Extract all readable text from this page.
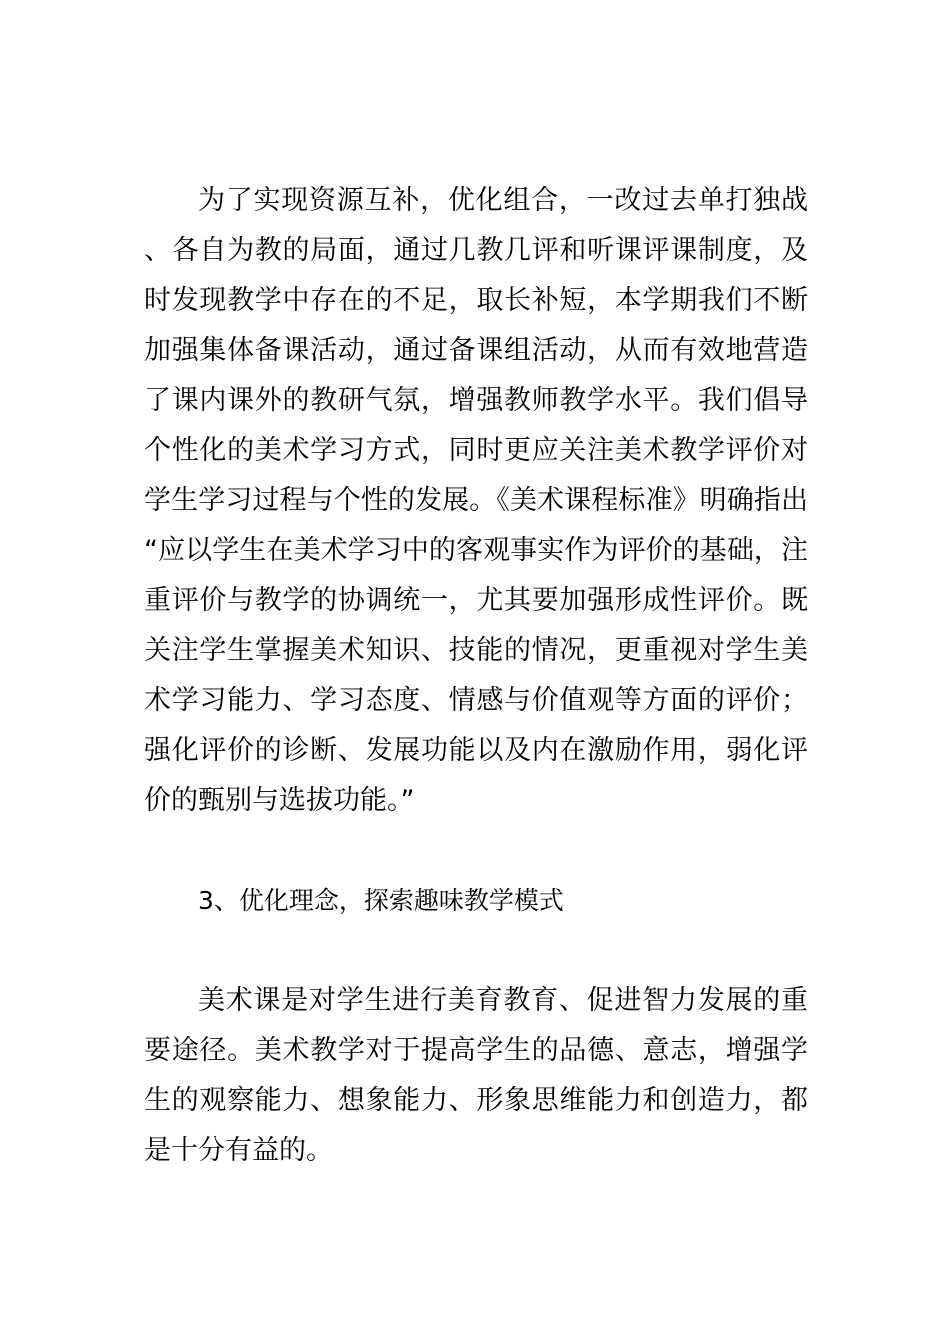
为了实现资源互补，优化组合，一改过去单打独战、各自为教的局面，通过几教几评和听课评课制度，及时发现教学中存在的不足，取长补短，本学期我们不断加强集体备课活动，通过备课组活动，从而有效地营造了课内课外的教研气氛，增强教师教学水平。我们倡导个性化的美术学习方式，同时更应关注美术教学评价对学生学习过程与个性的发展。《美术课程标准》明确指出“应以学生在美术学习中的客观事实作为评价的基础，注重评价与教学的协调统一，尤其要加强形成性评价。既关注学生掌握美术知识、技能的情况，更重视对学生美术学习能力、学习态度、情感与价值观等方面的评价；强化评价的诊断、发展功能以及内在激励作用，弱化评价的甄别与选拔功能。”

3、优化理念，探索趣味教学模式

美术课是对学生进行美育教育、促进智力发展的重要途径。美术教学对于提高学生的品德、意志，增强学生的观察能力、想象能力、形象思维能力和创造力，都是十分有益的。
